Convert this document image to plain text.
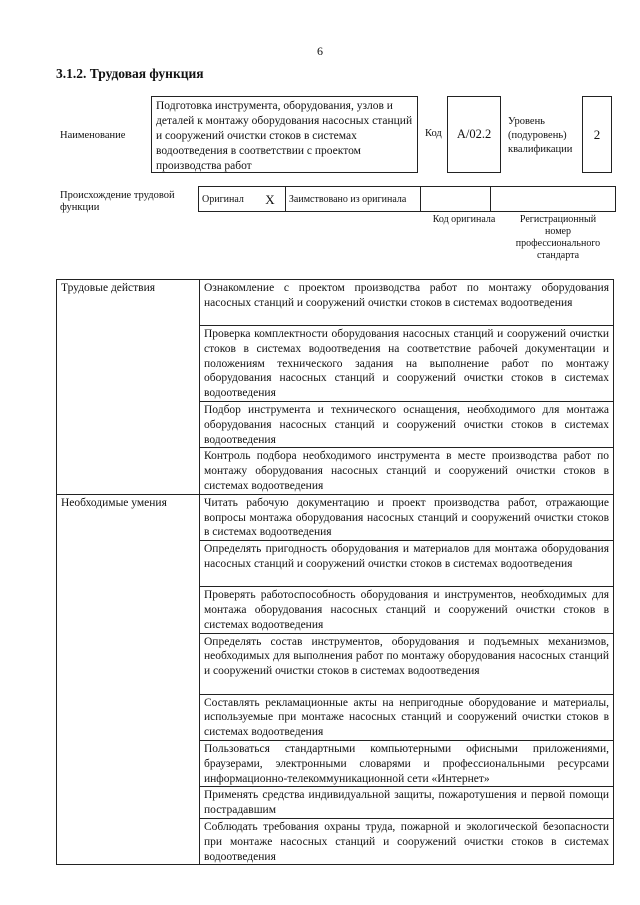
6
3.1.2. Трудовая функция
Наименование
Подготовка инструмента, оборудования, узлов и деталей к монтажу оборудования насосных станций и сооружений очистки стоков в системах водоотведения в соответствии с проектом производства работ
Код А/02.2
Уровень (подуровень) квалификации
2
Происхождение трудовой функции
Оригинал	X	Заимствовано из оригинала		
Код оригинала	Регистрационный номер профессионального стандарта
Трудовые действия	Ознакомление с проектом производства работ по монтажу оборудования насосных станций и сооружений очистки стоков в системах водоотведения
	Проверка комплектности оборудования насосных станций и сооружений очистки стоков в системах водоотведения на соответствие рабочей документации и положениям технического задания на выполнение работ по монтажу оборудования насосных станций и сооружений очистки стоков в системах водоотведения
	Подбор инструмента и технического оснащения, необходимого для монтажа оборудования насосных станций и сооружений очистки стоков в системах водоотведения
	Контроль подбора необходимого инструмента в месте производства работ по монтажу оборудования насосных станций и сооружений очистки стоков в системах водоотведения
Необходимые умения	Читать рабочую документацию и проект производства работ, отражающие вопросы монтажа оборудования насосных станций и сооружений очистки стоков в системах водоотведения
	Определять пригодность оборудования и материалов для монтажа оборудования насосных станций и сооружений очистки стоков в системах водоотведения
	Проверять работоспособность оборудования и инструментов, необходимых для монтажа оборудования насосных станций и сооружений очистки стоков в системах водоотведения
	Определять состав инструментов, оборудования и подъемных механизмов, необходимых для выполнения работ по монтажу оборудования насосных станций и сооружений очистки стоков в системах водоотведения
	Составлять рекламационные акты на непригодные оборудование и материалы, используемые при монтаже насосных станций и сооружений очистки стоков в системах водоотведения
	Пользоваться стандартными компьютерными офисными приложениями, браузерами, электронными словарями и профессиональными ресурсами информационно-телекоммуникационной сети «Интернет»
	Применять средства индивидуальной защиты, пожаротушения и первой помощи пострадавшим
	Соблюдать требования охраны труда, пожарной и экологической безопасности при монтаже насосных станций и сооружений очистки стоков в системах водоотведения
